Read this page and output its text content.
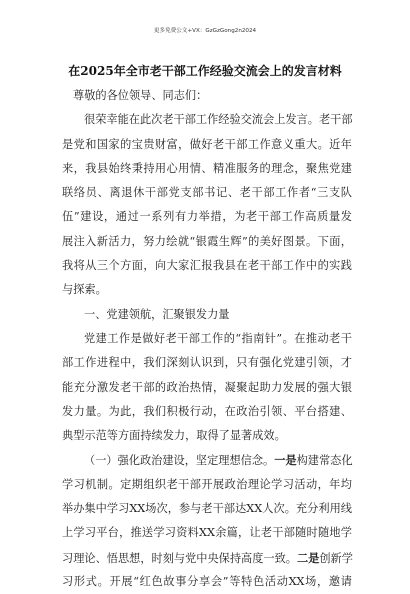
更多免费公文+VX：GzGzGong2n2024
在2025年全市老干部工作经验交流会上的发言材料
尊敬的各位领导、同志们：
很荣幸能在此次老干部工作经验交流会上发言。老干部
是党和国家的宝贵财富，做好老干部工作意义重大。近年
来，我县始终秉持用心用情、精准服务的理念，聚焦党建
联络员、离退休干部党支部书记、老干部工作者“三支队
伍”建设，通过一系列有力举措，为老干部工作高质量发
展注入新活力，努力绘就“银霞生辉”的美好图景。下面，
我将从三个方面，向大家汇报我县在老干部工作中的实践
与探索。
一、党建领航，汇聚银发力量
党建工作是做好老干部工作的“指南针”。在推动老干
部工作进程中，我们深刻认识到，只有强化党建引领，才
能充分激发老干部的政治热情，凝聚起助力发展的强大银
发力量。为此，我们积极行动，在政治引领、平台搭建、
典型示范等方面持续发力，取得了显著成效。
（一）强化政治建设，坚定理想信念。一是构建常态化
学习机制。定期组织老干部开展政治理论学习活动，年均
举办集中学习XX场次，参与老干部达XX人次。充分利用线
上学习平台，推送学习资料XX余篇，让老干部随时随地学
习理论、悟思想，时刻与党中央保持高度一致。二是创新学
习形式。开展“红色故事分享会”等特色活动XX场，邀请
